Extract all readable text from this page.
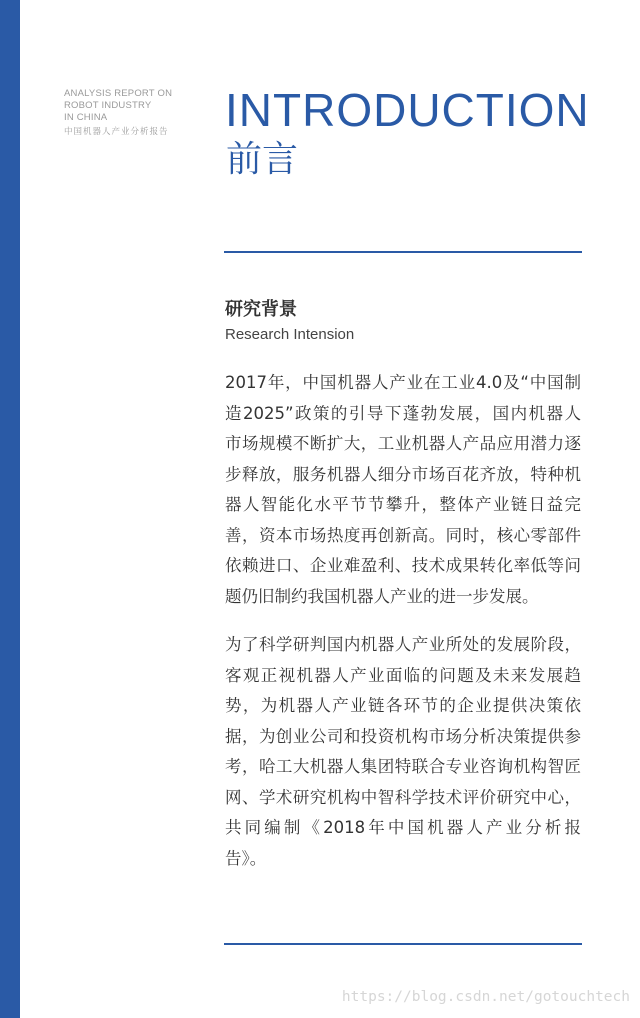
ANALYSIS REPORT ON
ROBOT INDUSTRY
IN CHINA
中国机器人产业分析报告	INTRODUCTION
前言
研究背景
Research Intension
2017年，中国机器人产业在工业4.0及“中国制
造2025”政策的引导下蓬勃发展，国内机器人
市场规模不断扩大，工业机器人产品应用潜力逐
步释放，服务机器人细分市场百花齐放，特种机
器人智能化水平节节攀升，整体产业链日益完
善，资本市场热度再创新高。同时，核心零部件
依赖进口、企业难盈利、技术成果转化率低等问
题仍旧制约我国机器人产业的进一步发展。
为了科学研判国内机器人产业所处的发展阶段，
客观正视机器人产业面临的问题及未来发展趋
势，为机器人产业链各环节的企业提供决策依
据，为创业公司和投资机构市场分析决策提供参
考，哈工大机器人集团特联合专业咨询机构智匠
网、学术研究机构中智科学技术评价研究中心，
共同编制《2018年中国机器人产业分析报
告》。
https://blog.csdn.net/gotouchtech
